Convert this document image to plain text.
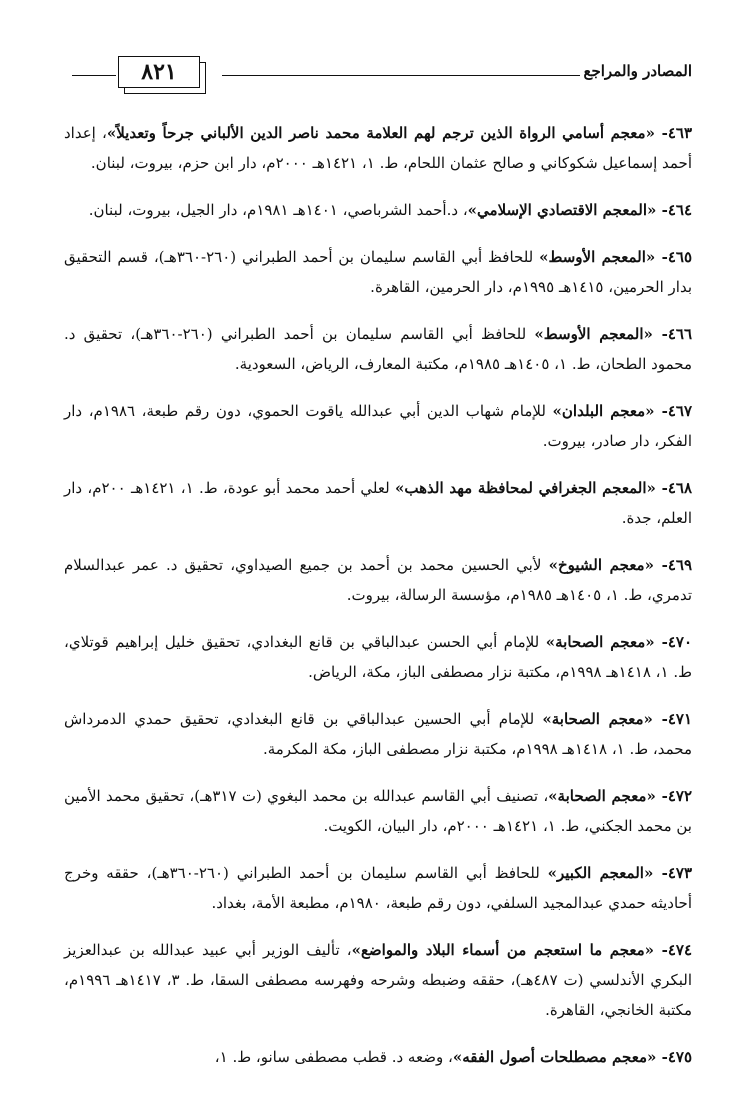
المصادر والمراجع
٨٢١

٤٦٣- «معجم أسامي الرواة الذين ترجم لهم العلامة محمد ناصر الدين الألباني جرحاً وتعديلاً»، إعداد أحمد إسماعيل شكوكاني و صالح عثمان اللحام، ط. ١، ١٤٢١هـ ٢٠٠٠م، دار ابن حزم، بيروت، لبنان.

٤٦٤- «المعجم الاقتصادي الإسلامي»، د.أحمد الشرباصي، ١٤٠١هـ ١٩٨١م، دار الجيل، بيروت، لبنان.

٤٦٥- «المعجم الأوسط» للحافظ أبي القاسم سليمان بن أحمد الطبراني (٢٦٠-٣٦٠هـ)، قسم التحقيق بدار الحرمين، ١٤١٥هـ ١٩٩٥م، دار الحرمين، القاهرة.

٤٦٦- «المعجم الأوسط» للحافظ أبي القاسم سليمان بن أحمد الطبراني (٢٦٠-٣٦٠هـ)، تحقيق د. محمود الطحان، ط. ١، ١٤٠٥هـ ١٩٨٥م، مكتبة المعارف، الرياض، السعودية.

٤٦٧- «معجم البلدان» للإمام شهاب الدين أبي عبدالله ياقوت الحموي، دون رقم طبعة، ١٩٨٦م، دار الفكر، دار صادر، بيروت.

٤٦٨- «المعجم الجغرافي لمحافظة مهد الذهب» لعلي أحمد محمد أبو عودة، ط. ١، ١٤٢١هـ ٢٠٠م، دار العلم، جدة.

٤٦٩- «معجم الشيوخ» لأبي الحسين محمد بن أحمد بن جميع الصيداوي، تحقيق د. عمر عبدالسلام تدمري، ط. ١، ١٤٠٥هـ ١٩٨٥م، مؤسسة الرسالة، بيروت.

٤٧٠- «معجم الصحابة» للإمام أبي الحسن عبدالباقي بن قانع البغدادي، تحقيق خليل إبراهيم قوتلاي، ط. ١، ١٤١٨هـ ١٩٩٨م، مكتبة نزار مصطفى الباز، مكة، الرياض.

٤٧١- «معجم الصحابة» للإمام أبي الحسين عبدالباقي بن قانع البغدادي، تحقيق حمدي الدمرداش محمد، ط. ١، ١٤١٨هـ ١٩٩٨م، مكتبة نزار مصطفى الباز، مكة المكرمة.

٤٧٢- «معجم الصحابة»، تصنيف أبي القاسم عبدالله بن محمد البغوي (ت ٣١٧هـ)، تحقيق محمد الأمين بن محمد الجكني، ط. ١، ١٤٢١هـ ٢٠٠٠م، دار البيان، الكويت.

٤٧٣- «المعجم الكبير» للحافظ أبي القاسم سليمان بن أحمد الطبراني (٢٦٠-٣٦٠هـ)، حققه وخرج أحاديثه حمدي عبدالمجيد السلفي، دون رقم طبعة، ١٩٨٠م، مطبعة الأمة، بغداد.

٤٧٤- «معجم ما استعجم من أسماء البلاد والمواضع»، تأليف الوزير أبي عبيد عبدالله بن عبدالعزيز البكري الأندلسي (ت ٤٨٧هـ)، حققه وضبطه وشرحه وفهرسه مصطفى السقا، ط. ٣، ١٤١٧هـ ١٩٩٦م، مكتبة الخانجي، القاهرة.

٤٧٥- «معجم مصطلحات أصول الفقه»، وضعه د. قطب مصطفى سانو، ط. ١،
